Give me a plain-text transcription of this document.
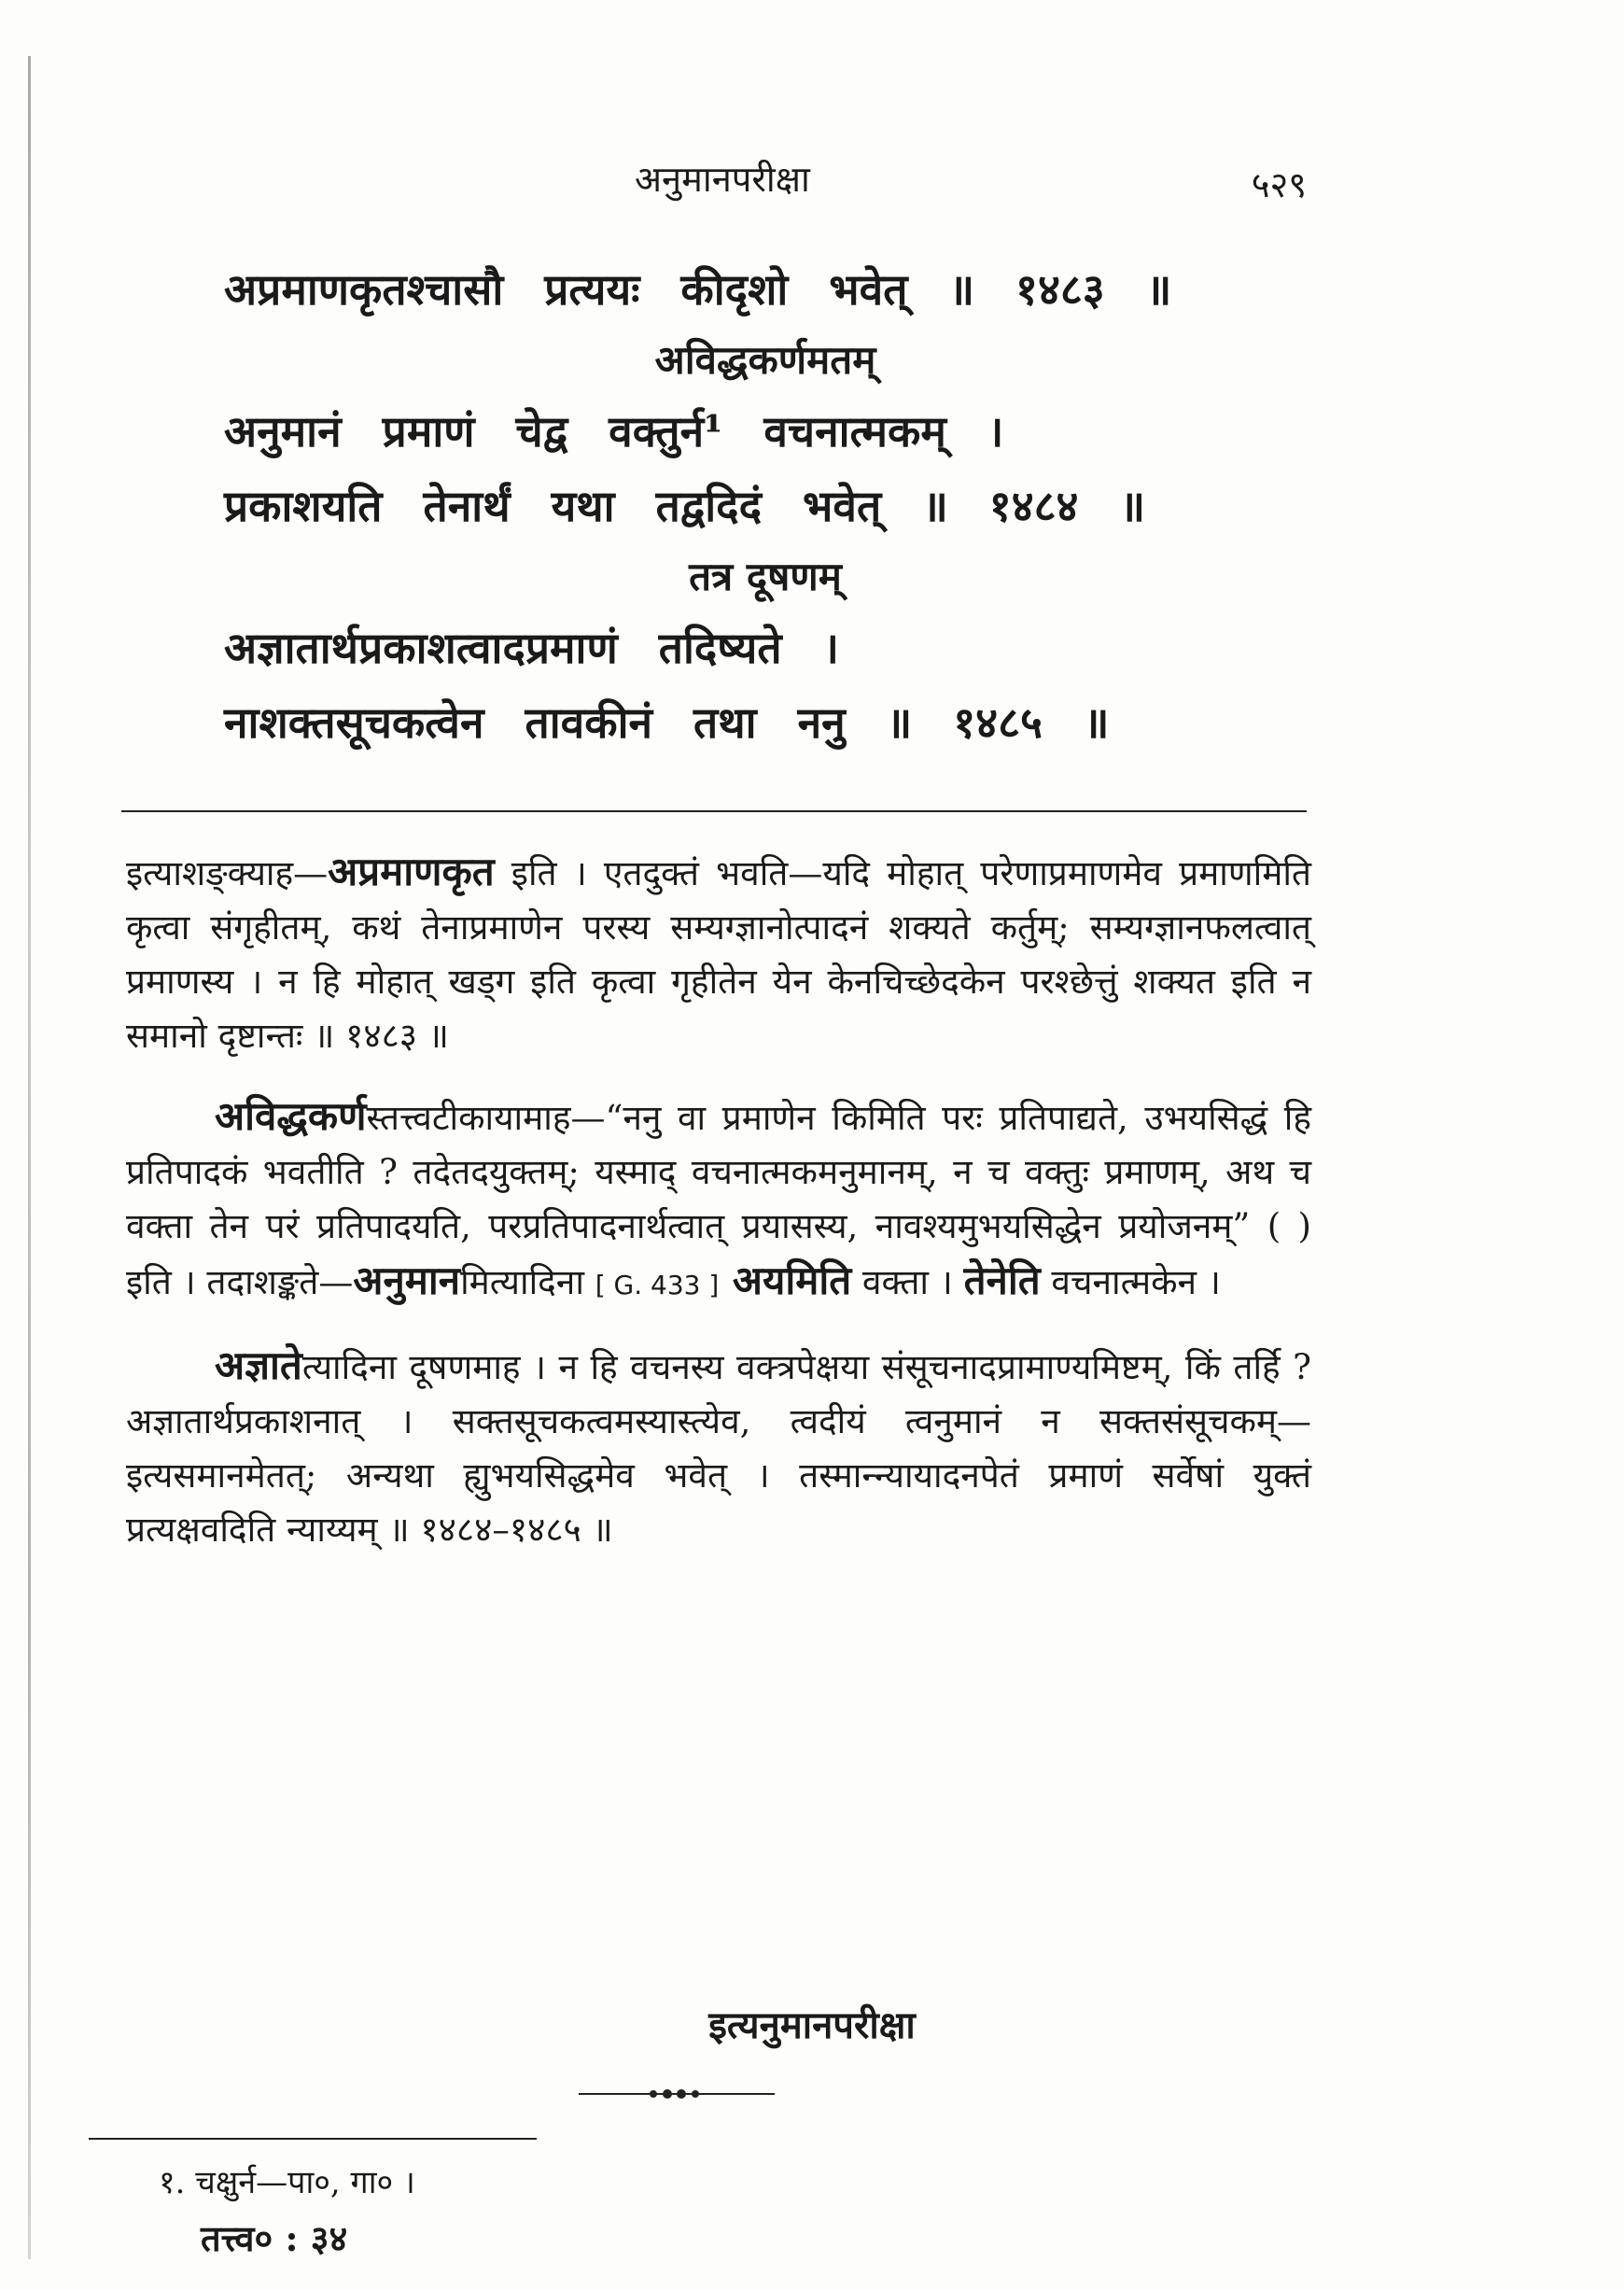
अनुमानपरीक्षा	५२९
अप्रमाणकृतश्चासौ प्रत्ययः कीदृशो भवेत् ॥ १४८३ ॥
अविद्धकर्णमतम्
अनुमानं प्रमाणं चेद्व वक्तुर्न¹ वचनात्मकम् ।
प्रकाशयति तेनार्थं यथा तद्वदिदं भवेत् ॥ १४८४ ॥
तत्र दूषणम्
अज्ञातार्थप्रकाशत्वादप्रमाणं तदिष्यते ।
नाशक्तसूचकत्वेन तावकीनं तथा ननु ॥ १४८५ ॥

इत्याशङ्क्याह—अप्रमाणकृत इति । एतदुक्तं भवति—यदि मोहात् परेणाप्रमाणमेव प्रमाणमिति कृत्वा संगृहीतम्, कथं तेनाप्रमाणेन परस्य सम्यग्ज्ञानोत्पादनं शक्यते कर्तुम्; सम्यग्ज्ञानफलत्वात् प्रमाणस्य । न हि मोहात् खड्ग इति कृत्वा गृहीतेन येन केनचिच्छेदकेन परश्छेत्तुं शक्यत इति न समानो दृष्टान्तः ॥ १४८३ ॥

अविद्धकर्णस्तत्त्वटीकायामाह—“ननु वा प्रमाणेन किमिति परः प्रतिपाद्यते, उभयसिद्धं हि प्रतिपादकं भवतीति ? तदेतदयुक्तम्; यस्माद् वचनात्मकमनुमानम्, न च वक्तुः प्रमाणम्, अथ च वक्ता तेन परं प्रतिपादयति, परप्रतिपादनार्थत्वात् प्रयासस्य, नावश्यमुभयसिद्धेन प्रयोजनम्” ( ) इति । तदाशङ्कते—अनुमानमित्यादिना [ G. 433 ] अयमिति वक्ता । तेनेति वचनात्मकेन ।

अज्ञातेत्यादिना दूषणमाह । न हि वचनस्य वक्त्रपेक्षया संसूचनादप्रामाण्यमिष्टम्, किं तर्हि ? अज्ञातार्थप्रकाशनात् । सक्तसूचकत्वमस्यास्त्येव, त्वदीयं त्वनुमानं न सक्तसंसूचकम्—इत्यसमानमेतत्; अन्यथा ह्युभयसिद्धमेव भवेत् । तस्मान्न्यायादनपेतं प्रमाणं सर्वेषां युक्तं प्रत्यक्षवदिति न्याय्यम् ॥ १४८४–१४८५ ॥

इत्यनुमानपरीक्षा
१. चक्षुर्न—पा०, गा० ।
तत्त्व० : ३४
